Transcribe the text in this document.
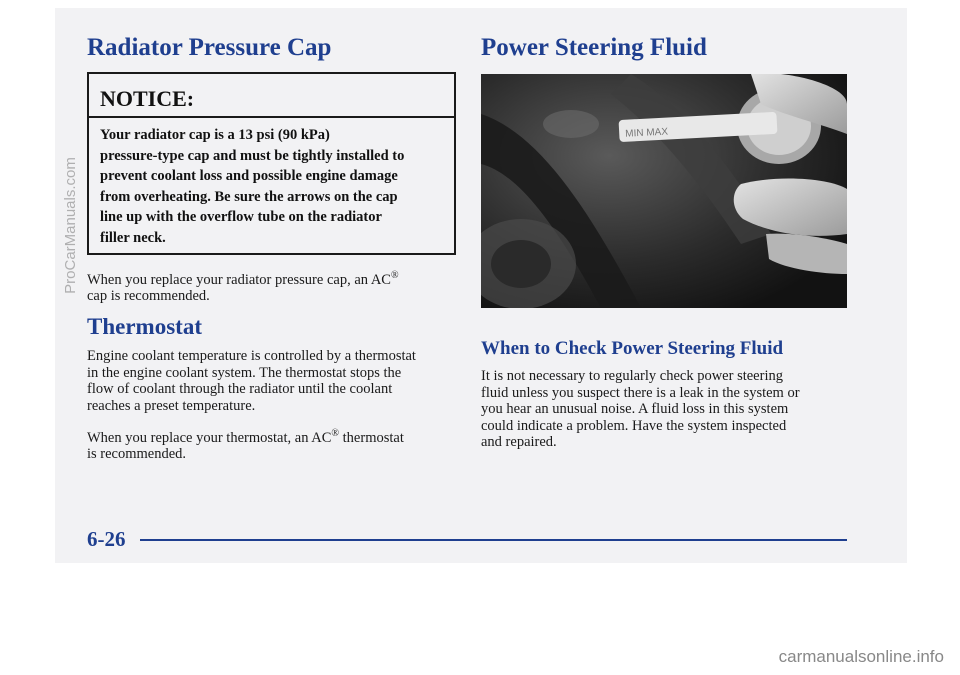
Radiator Pressure Cap
NOTICE:
Your radiator cap is a 13 psi (90 kPa)
pressure-type cap and must be tightly installed to
prevent coolant loss and possible engine damage
from overheating. Be sure the arrows on the cap
line up with the overflow tube on the radiator
filler neck.
When you replace your radiator pressure cap, an AC®
cap is recommended.
Thermostat
Engine coolant temperature is controlled by a thermostat
in the engine coolant system. The thermostat stops the
flow of coolant through the radiator until the coolant
reaches a preset temperature.
When you replace your thermostat, an AC® thermostat
is recommended.
Power Steering Fluid
MIN MAX
When to Check Power Steering Fluid
It is not necessary to regularly check power steering
fluid unless you suspect there is a leak in the system or
you hear an unusual noise. A fluid loss in this system
could indicate a problem. Have the system inspected
and repaired.
6-26
ProCarManuals.com
carmanualsonline.info
